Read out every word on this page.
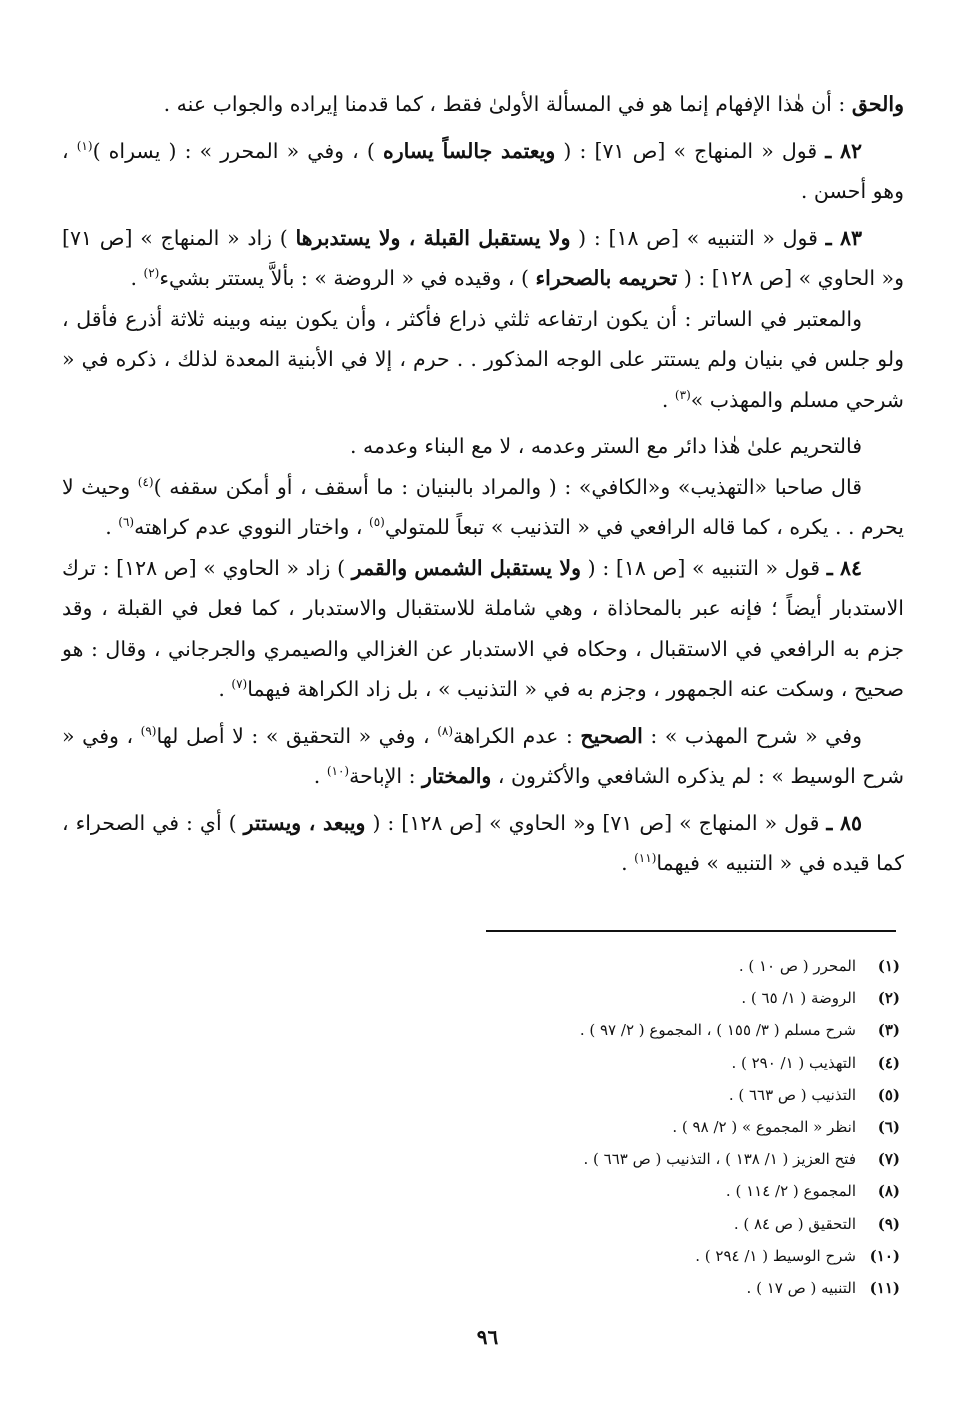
والحق : أن هٰذا الإفهام إنما هو في المسألة الأولىٰ فقط ، كما قدمنا إيراده والجواب عنه .

٨٢ ـ قول « المنهاج » [ص ٧١] : ( ويعتمد جالساً يساره ) ، وفي « المحرر » : ( يسراه )$^{(١)}$ ، وهو أحسن .

٨٣ ـ قول « التنبيه » [ص ١٨] : ( ولا يستقبل القبلة ، ولا يستدبرها ) زاد « المنهاج » [ص ٧١] و« الحاوي » [ص ١٢٨] : ( تحريمه بالصحراء ) ، وقيده في « الروضة » : بألاَّ يستتر بشيء$^{(٢)}$ .

والمعتبر في الساتر : أن يكون ارتفاعه ثلثي ذراع فأكثر ، وأن يكون بينه وبينه ثلاثة أذرع فأقل ، ولو جلس في بنيان ولم يستتر على الوجه المذكور . . حرم ، إلا في الأبنية المعدة لذلك ، ذكره في « شرحي مسلم والمهذب »$^{(٣)}$ .

فالتحريم علىٰ هٰذا دائر مع الستر وعدمه ، لا مع البناء وعدمه .

قال صاحبا «التهذيب» و«الكافي» : ( والمراد بالبنيان : ما أسقف ، أو أمكن سقفه )$^{(٤)}$ وحيث لا يحرم . . يكره ، كما قاله الرافعي في « التذنيب » تبعاً للمتولي$^{(٥)}$ ، واختار النووي عدم كراهته$^{(٦)}$ .

٨٤ ـ قول « التنبيه » [ص ١٨] : ( ولا يستقبل الشمس والقمر ) زاد « الحاوي » [ص ١٢٨] : ترك الاستدبار أيضاً ؛ فإنه عبر بالمحاذاة ، وهي شاملة للاستقبال والاستدبار ، كما فعل في القبلة ، وقد جزم به الرافعي في الاستقبال ، وحكاه في الاستدبار عن الغزالي والصيمري والجرجاني ، وقال : هو صحيح ، وسكت عنه الجمهور ، وجزم به في « التذنيب » ، بل زاد الكراهة فيهما$^{(٧)}$ .

وفي « شرح المهذب » : الصحيح : عدم الكراهة$^{(٨)}$ ، وفي « التحقيق » : لا أصل لها$^{(٩)}$ ، وفي « شرح الوسيط » : لم يذكره الشافعي والأكثرون ، والمختار : الإباحة$^{(١٠)}$ .

٨٥ ـ قول « المنهاج » [ص ٧١] و« الحاوي » [ص ١٢٨] : ( ويبعد ، ويستتر ) أي : في الصحراء ، كما قيده في « التنبيه » فيهما$^{(١١)}$ .

(١)المحرر ( ص ١٠ ) .
(٢)الروضة ( ١/ ٦٥ ) .
(٣)شرح مسلم ( ٣/ ١٥٥ ) ، المجموع ( ٢/ ٩٧ ) .
(٤)التهذيب ( ١/ ٢٩٠ ) .
(٥)التذنيب ( ص ٦٦٣ ) .
(٦)انظر « المجموع » ( ٢/ ٩٨ ) .
(٧)فتح العزيز ( ١/ ١٣٨ ) ، التذنيب ( ص ٦٦٣ ) .
(٨)المجموع ( ٢/ ١١٤ ) .
(٩)التحقيق ( ص ٨٤ ) .
(١٠)شرح الوسيط ( ١/ ٢٩٤ ) .
(١١)التنبيه ( ص ١٧ ) .
٩٦
